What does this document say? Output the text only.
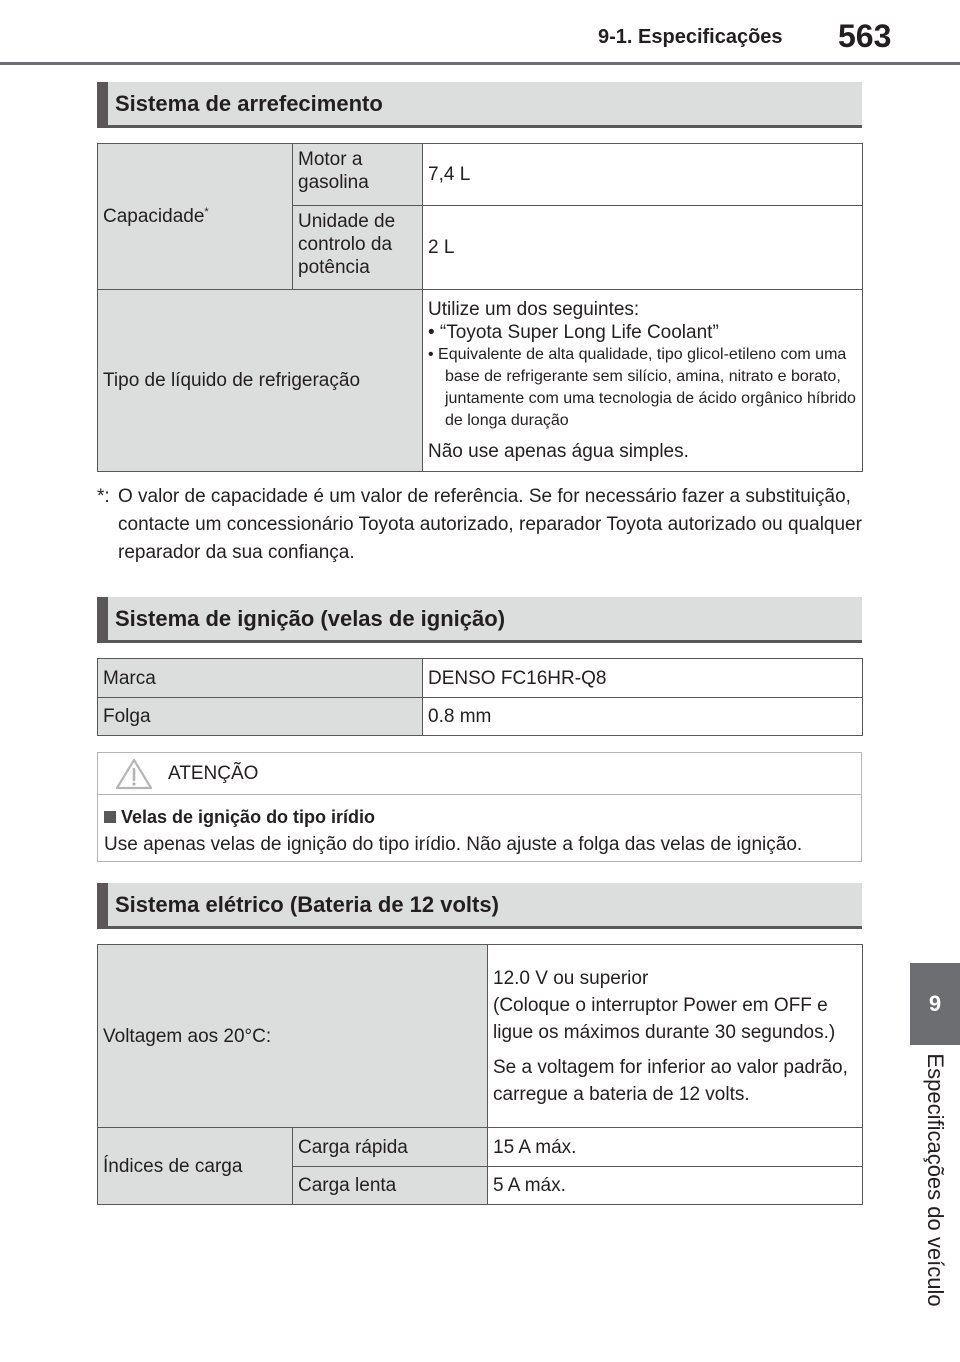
9-1. Especificações 563
9
Especificações do veículo
Sistema de arrefecimento
Capacidade*	Motor a gasolina	7,4 L
	Unidade de controlo da potência	2 L
Tipo de líquido de refrigeração		Utilize um dos seguintes:
• “Toyota Super Long Life Coolant”
• Equivalente de alta qualidade, tipo glicol-etileno com uma base de refrigerante sem silício, amina, nitrato e borato, juntamente com uma tecnologia de ácido orgânico híbrido de longa duração
Não use apenas água simples.
*: O valor de capacidade é um valor de referência. Se for necessário fazer a substituição, contacte um concessionário Toyota autorizado, reparador Toyota autorizado ou qualquer reparador da sua confiança.
Sistema de ignição (velas de ignição)
Marca	DENSO FC16HR-Q8
Folga	0.8 mm
ATENÇÃO
Velas de ignição do tipo irídio
Use apenas velas de ignição do tipo irídio. Não ajuste a folga das velas de ignição.
Sistema elétrico (Bateria de 12 volts)
Voltagem aos 20°C:		12.0 V ou superior
(Coloque o interruptor Power em OFF e ligue os máximos durante 30 segundos.)
Se a voltagem for inferior ao valor padrão, carregue a bateria de 12 volts.

Índices de carga	Carga rápida	15 A máx.
	Carga lenta	5 A máx.
